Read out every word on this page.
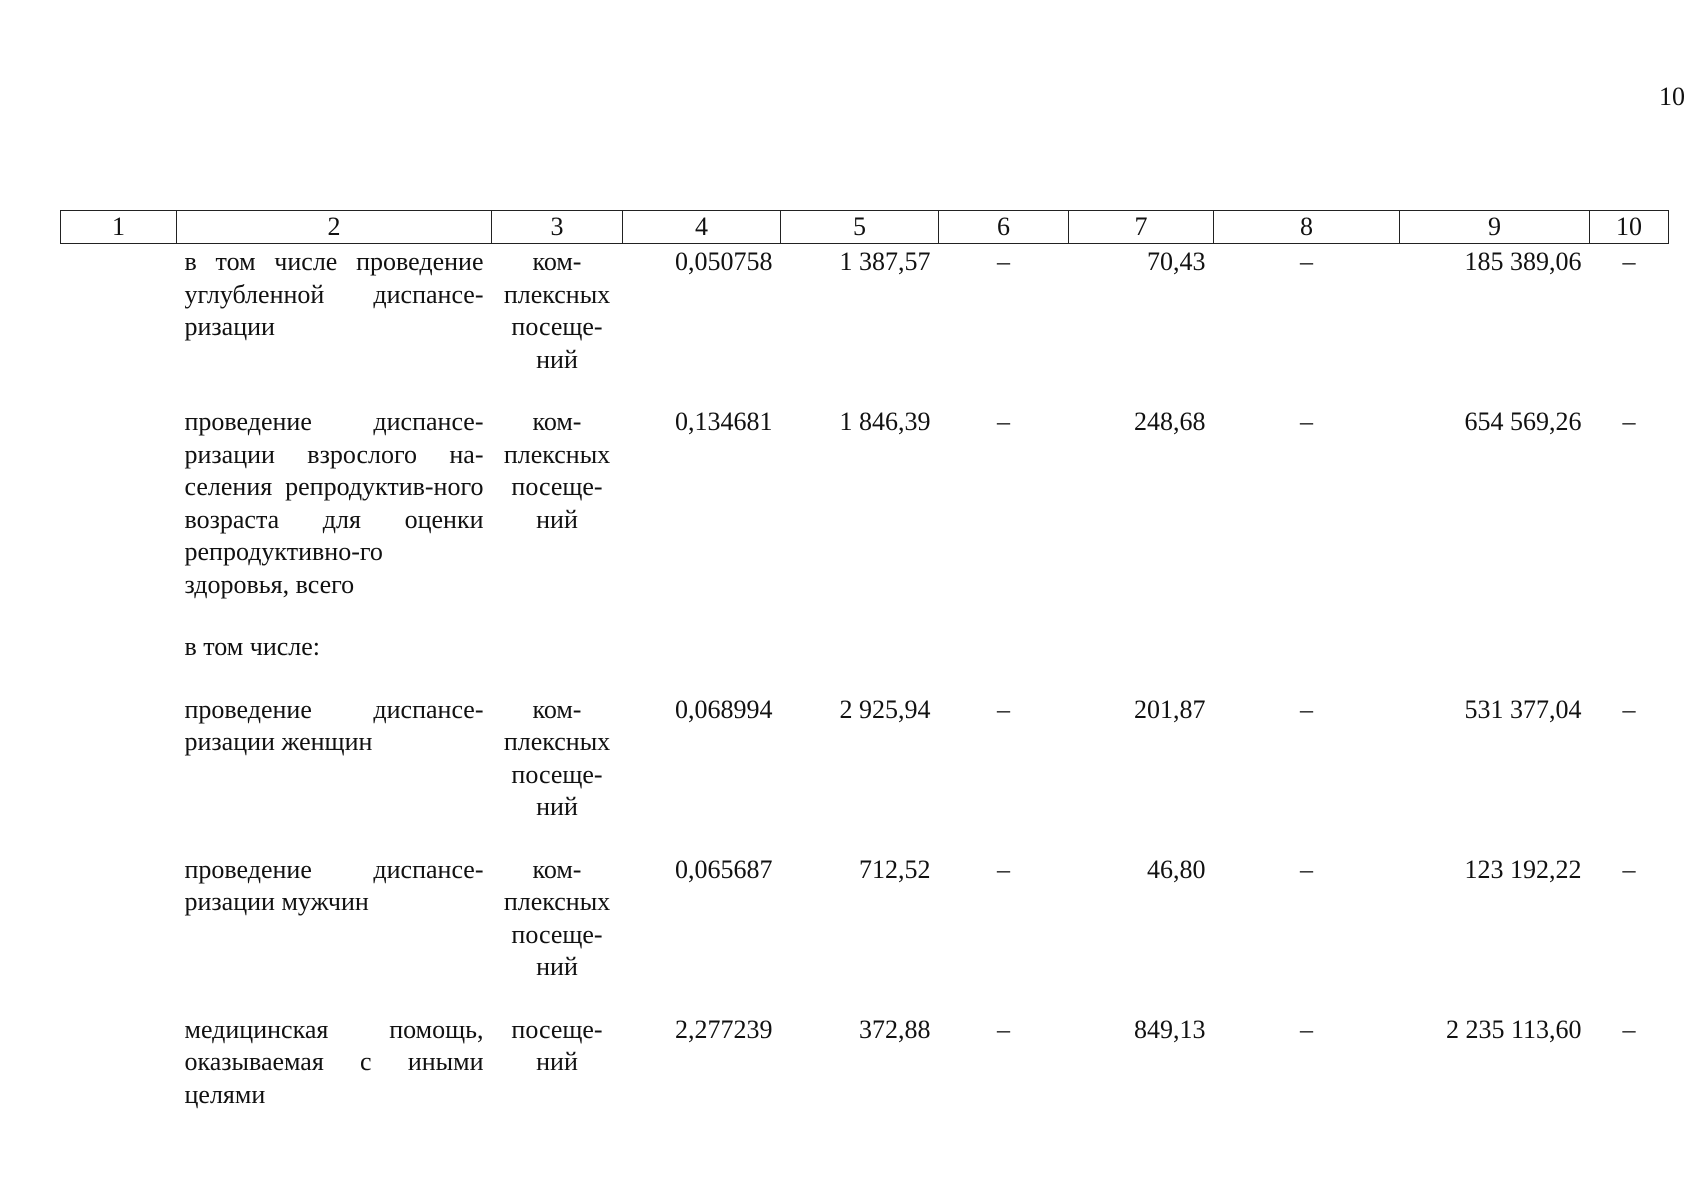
10
1	2	3	4	5	6	7	8	9	10
	в том числе проведение углубленной диспансе-ризации	ком-плексных посеще-ний	0,050758	1 387,57	–	70,43	–	185 389,06	–
	проведение диспансе-ризации взрослого на-селения репродуктив-ного возраста для оценки репродуктивно-го здоровья, всего	ком-плексных посеще-ний	0,134681	1 846,39	–	248,68	–	654 569,26	–
	в том числе:								
	проведение диспансе-ризации женщин	ком-плексных посеще-ний	0,068994	2 925,94	–	201,87	–	531 377,04	–
	проведение диспансе-ризации мужчин	ком-плексных посеще-ний	0,065687	712,52	–	46,80	–	123 192,22	–
	медицинская помощь, оказываемая с иными целями	посеще-ний	2,277239	372,88	–	849,13	–	2 235 113,60	–
